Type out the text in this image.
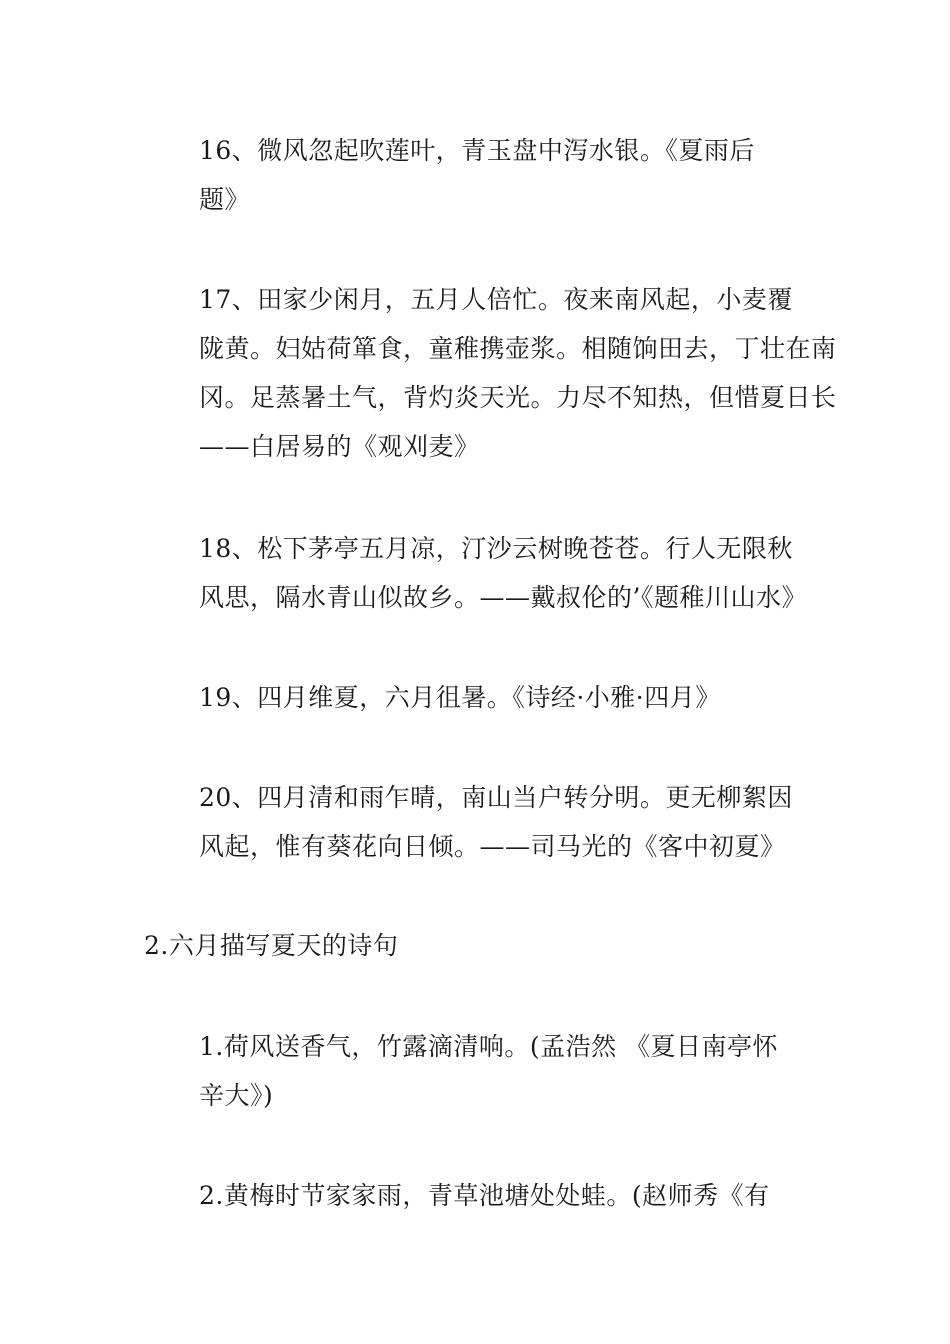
16、微风忽起吹莲叶，青玉盘中泻水银。《夏雨后
题》

17、田家少闲月，五月人倍忙。夜来南风起，小麦覆
陇黄。妇姑荷箪食，童稚携壶浆。相随饷田去，丁壮在南
冈。足蒸暑土气，背灼炎天光。力尽不知热，但惜夏日长
——白居易的《观刈麦》

18、松下茅亭五月凉，汀沙云树晚苍苍。行人无限秋
风思，隔水青山似故乡。——戴叔伦的’《题稚川山水》

19、四月维夏，六月徂暑。《诗经·小雅·四月》

20、四月清和雨乍晴，南山当户转分明。更无柳絮因
风起，惟有葵花向日倾。——司马光的《客中初夏》

2.六月描写夏天的诗句

1.荷风送香气，竹露滴清响。(孟浩然 《夏日南亭怀
辛大》)

2.黄梅时节家家雨，青草池塘处处蛙。(赵师秀《有
